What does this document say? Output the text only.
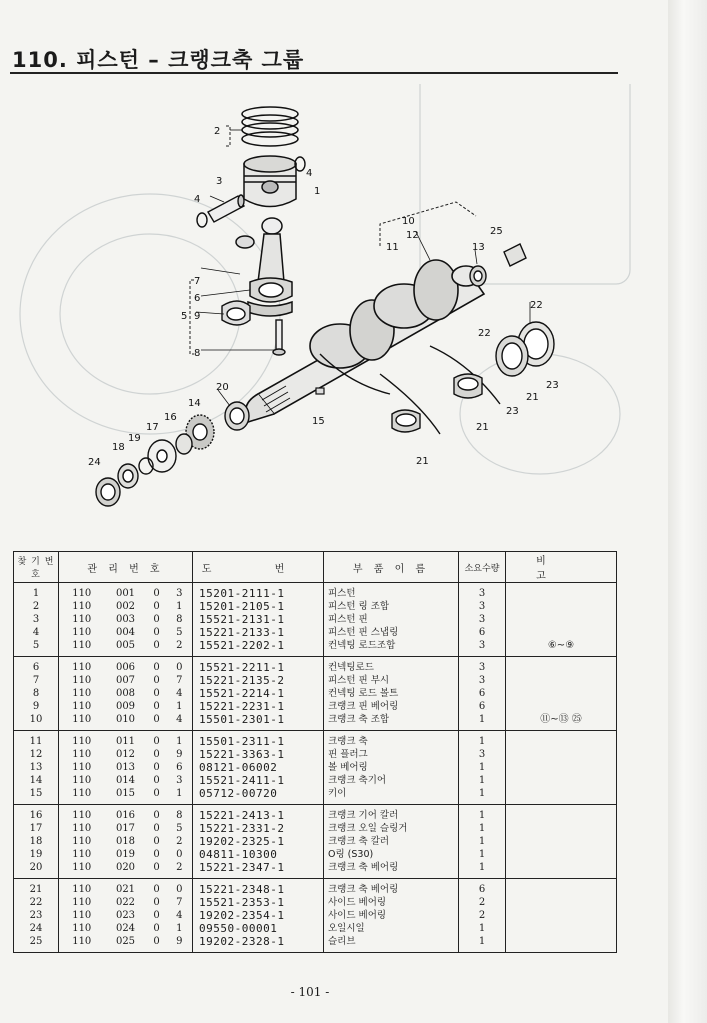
110. 피스턴 – 크랭크축 그룹
2
4
1
3
4
7
6
5 9
8
10
25
11
12
13
22
22
23
23
21
21
21
20
14
16
17
15
19
18
24
찾 기 번 호	관 리 번 호				도 번	부 품 이 름	소요수량	비 고
1	110	001	0	3	15201-2111-1	피스턴	3	
2	110	002	0	1	15201-2105-1	피스턴 링 조합	3	
3	110	003	0	8	15521-2131-1	피스턴 핀	3	
4	110	004	0	5	15221-2133-1	피스턴 핀 스냅링	6	
5	110	005	0	2	15521-2202-1	컨넥팅 로드조합	3	⑥~⑨
6	110	006	0	0	15521-2211-1	컨넥팅로드	3	
7	110	007	0	7	15221-2135-2	피스턴 핀 부시	3	
8	110	008	0	4	15521-2214-1	컨넥팅 로드 볼트	6	
9	110	009	0	1	15221-2231-1	크랭크 핀 베어링	6	
10	110	010	0	4	15501-2301-1	크랭크 축 조합	1	⑪~⑬ ㉕
11	110	011	0	1	15501-2311-1	크랭크 축	1	
12	110	012	0	9	15221-3363-1	핀 플러그	3	
13	110	013	0	6	08121-06002	볼 베어링	1	
14	110	014	0	3	15521-2411-1	크랭크 축기어	1	
15	110	015	0	1	05712-00720	키이	1	
16	110	016	0	8	15221-2413-1	크랭크 기어 칼러	1	
17	110	017	0	5	15221-2331-2	크랭크 오일 슬링거	1	
18	110	018	0	2	19202-2325-1	크랭크 축 칼러	1	
19	110	019	0	0	04811-10300	O링 (S30)	1	
20	110	020	0	2	15221-2347-1	크랭크 축 베어링	1	
21	110	021	0	0	15221-2348-1	크랭크 축 베어링	6	
22	110	022	0	7	15521-2353-1	사이드 베어링	2	
23	110	023	0	4	19202-2354-1	사이드 베어링	2	
24	110	024	0	1	09550-00001	오일시일	1	
25	110	025	0	9	19202-2328-1	슬리브	1	
- 101 -
